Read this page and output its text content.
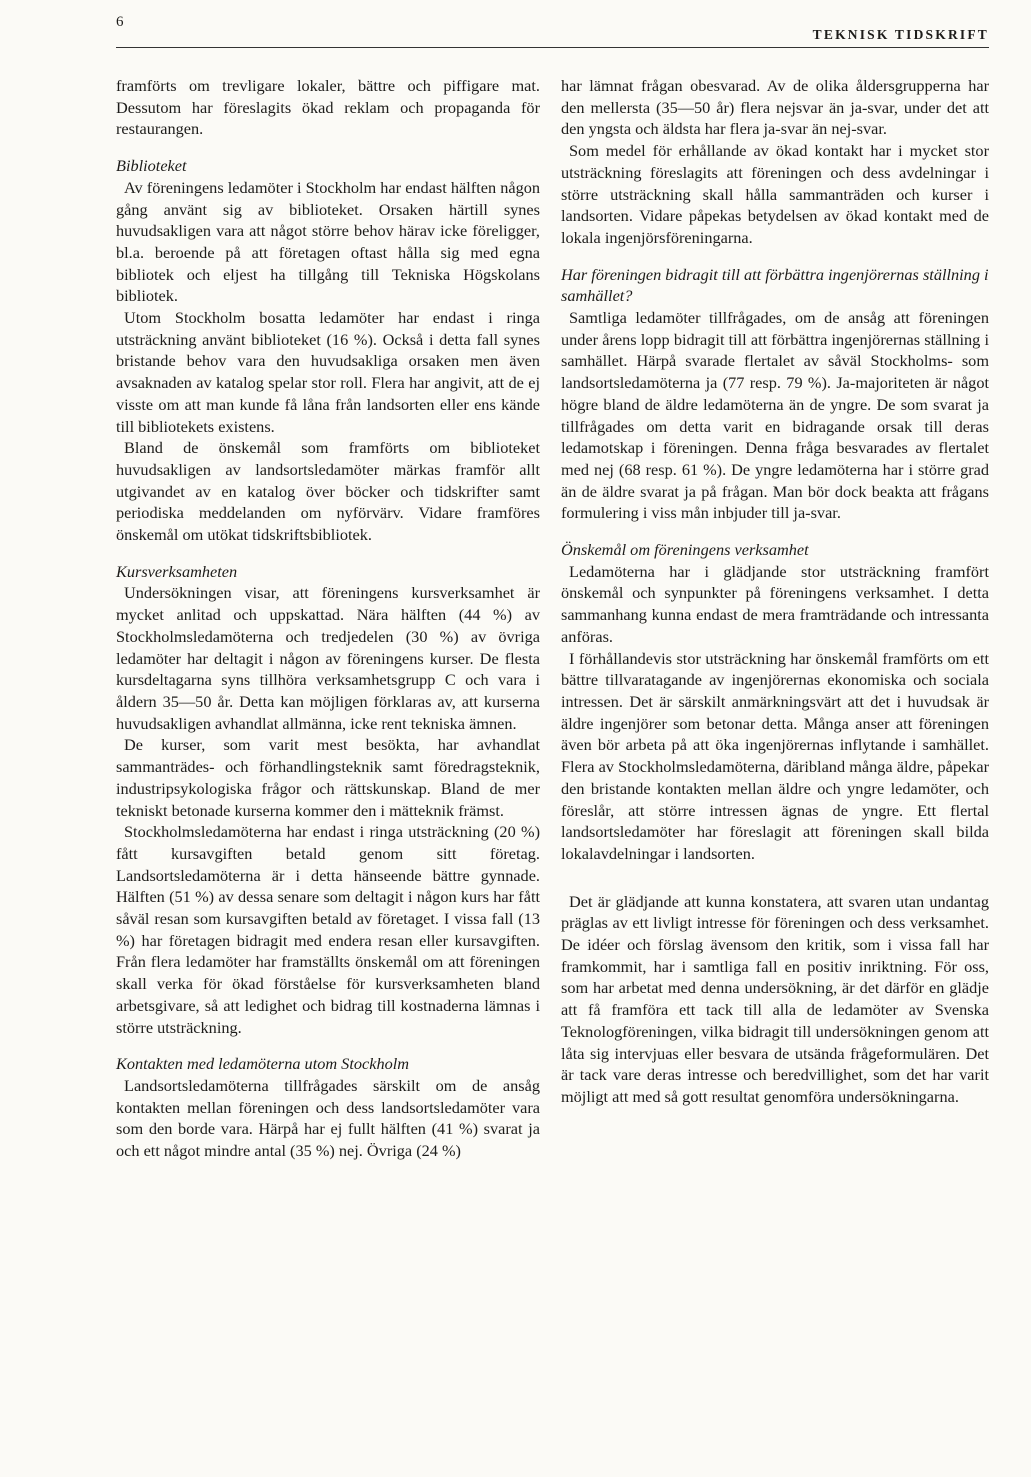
6
TEKNISK TIDSKRIFT

framförts om trevligare lokaler, bättre och piffigare mat. Dessutom har föreslagits ökad reklam och propaganda för restaurangen.

Biblioteket

Av föreningens ledamöter i Stockholm har endast hälften någon gång använt sig av biblioteket. Orsaken härtill synes huvudsakligen vara att något större behov härav icke föreligger, bl.a. beroende på att företagen oftast hålla sig med egna bibliotek och eljest ha tillgång till Tekniska Högskolans bibliotek.

Utom Stockholm bosatta ledamöter har endast i ringa utsträckning använt biblioteket (16 %). Också i detta fall synes bristande behov vara den huvudsakliga orsaken men även avsaknaden av katalog spelar stor roll. Flera har angivit, att de ej visste om att man kunde få låna från landsorten eller ens kände till bibliotekets existens.

Bland de önskemål som framförts om biblioteket huvudsakligen av landsortsledamöter märkas framför allt utgivandet av en katalog över böcker och tidskrifter samt periodiska meddelanden om nyförvärv. Vidare framföres önskemål om utökat tidskriftsbibliotek.

Kursverksamheten

Undersökningen visar, att föreningens kursverksamhet är mycket anlitad och uppskattad. Nära hälften (44 %) av Stockholmsledamöterna och tredjedelen (30 %) av övriga ledamöter har deltagit i någon av föreningens kurser. De flesta kursdeltagarna syns tillhöra verksamhetsgrupp C och vara i åldern 35—50 år. Detta kan möjligen förklaras av, att kurserna huvudsakligen avhandlat allmänna, icke rent tekniska ämnen.

De kurser, som varit mest besökta, har avhandlat sammanträdes- och förhandlingsteknik samt föredragsteknik, industripsykologiska frågor och rättskunskap. Bland de mer tekniskt betonade kurserna kommer den i mätteknik främst.

Stockholmsledamöterna har endast i ringa utsträckning (20 %) fått kursavgiften betald genom sitt företag. Landsortsledamöterna är i detta hänseende bättre gynnade. Hälften (51 %) av dessa senare som deltagit i någon kurs har fått såväl resan som kursavgiften betald av företaget. I vissa fall (13 %) har företagen bidragit med endera resan eller kursavgiften. Från flera ledamöter har framställts önskemål om att föreningen skall verka för ökad förståelse för kursverksamheten bland arbetsgivare, så att ledighet och bidrag till kostnaderna lämnas i större utsträckning.

Kontakten med ledamöterna utom Stockholm

Landsortsledamöterna tillfrågades särskilt om de ansåg kontakten mellan föreningen och dess landsortsledamöter vara som den borde vara. Härpå har ej fullt hälften (41 %) svarat ja och ett något mindre antal (35 %) nej. Övriga (24 %)

har lämnat frågan obesvarad. Av de olika åldersgrupperna har den mellersta (35—50 år) flera nejsvar än ja-svar, under det att den yngsta och äldsta har flera ja-svar än nej-svar.

Som medel för erhållande av ökad kontakt har i mycket stor utsträckning föreslagits att föreningen och dess avdelningar i större utsträckning skall hålla sammanträden och kurser i landsorten. Vidare påpekas betydelsen av ökad kontakt med de lokala ingenjörsföreningarna.

Har föreningen bidragit till att förbättra ingenjörernas ställning i samhället?

Samtliga ledamöter tillfrågades, om de ansåg att föreningen under årens lopp bidragit till att förbättra ingenjörernas ställning i samhället. Härpå svarade flertalet av såväl Stockholms- som landsortsledamöterna ja (77 resp. 79 %). Ja-majoriteten är något högre bland de äldre ledamöterna än de yngre. De som svarat ja tillfrågades om detta varit en bidragande orsak till deras ledamotskap i föreningen. Denna fråga besvarades av flertalet med nej (68 resp. 61 %). De yngre ledamöterna har i större grad än de äldre svarat ja på frågan. Man bör dock beakta att frågans formulering i viss mån inbjuder till ja-svar.

Önskemål om föreningens verksamhet

Ledamöterna har i glädjande stor utsträckning framfört önskemål och synpunkter på föreningens verksamhet. I detta sammanhang kunna endast de mera framträdande och intressanta anföras.

I förhållandevis stor utsträckning har önskemål framförts om ett bättre tillvaratagande av ingenjörernas ekonomiska och sociala intressen. Det är särskilt anmärkningsvärt att det i huvudsak är äldre ingenjörer som betonar detta. Många anser att föreningen även bör arbeta på att öka ingenjörernas inflytande i samhället. Flera av Stockholmsledamöterna, däribland många äldre, påpekar den bristande kontakten mellan äldre och yngre ledamöter, och föreslår, att större intressen ägnas de yngre. Ett flertal landsortsledamöter har föreslagit att föreningen skall bilda lokalavdelningar i landsorten.

Det är glädjande att kunna konstatera, att svaren utan undantag präglas av ett livligt intresse för föreningen och dess verksamhet. De idéer och förslag ävensom den kritik, som i vissa fall har framkommit, har i samtliga fall en positiv inriktning. För oss, som har arbetat med denna undersökning, är det därför en glädje att få framföra ett tack till alla de ledamöter av Svenska Teknologföreningen, vilka bidragit till undersökningen genom att låta sig intervjuas eller besvara de utsända frågeformulären. Det är tack vare deras intresse och beredvillighet, som det har varit möjligt att med så gott resultat genomföra undersökningarna.
